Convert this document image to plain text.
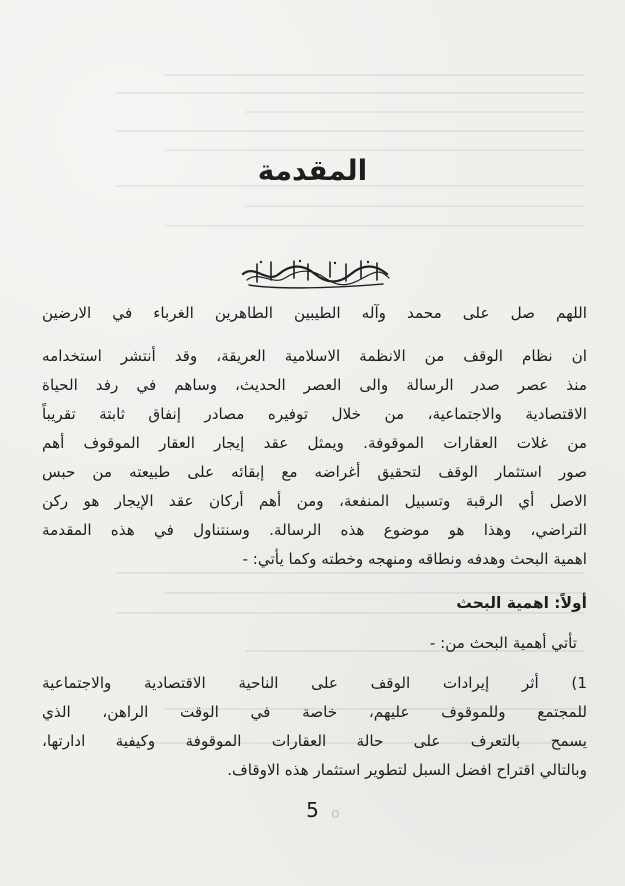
المقدمة
اللهم صل على محمد وآله الطيبين الطاهرين الغرباء في الارضين
ان نظام الوقف من الانظمة الاسلامية العريقة، وقد أنتشر استخدامه
منذ عصر صدر الرسالة والى العصر الحديث، وساهم في رفد الحياة
الاقتصادية والاجتماعية، من خلال توفيره مصادر إنفاق ثابتة تقريباً
من غلات العقارات الموقوفة. ويمثل عقد إيجار العقار الموقوف أهم
صور استثمار الوقف لتحقيق أغراضه مع إبقائه على طبيعته من حبس
الاصل أي الرقبة وتسبيل المنفعة، ومن أهم أركان عقد الإيجار هو ركن
التراضي، وهذا هو موضوع هذه الرسالة. وسنتناول في هذه المقدمة
اهمية البحث وهدفه ونطاقه ومنهجه وخطته وكما يأتي: -
أولاً: اهمية البحث
تأتي أهمية البحث من: -
1) أثر إيرادات الوقف على الناحية الاقتصادية والاجتماعية
للمجتمع وللموقوف عليهم، خاصة في الوقت الراهن، الذي
يسمح بالتعرف على حالة العقارات الموقوفة وكيفية ادارتها،
وبالتالي اقتراح افضل السبل لتطوير استثمار هذه الاوقاف.
5 o
